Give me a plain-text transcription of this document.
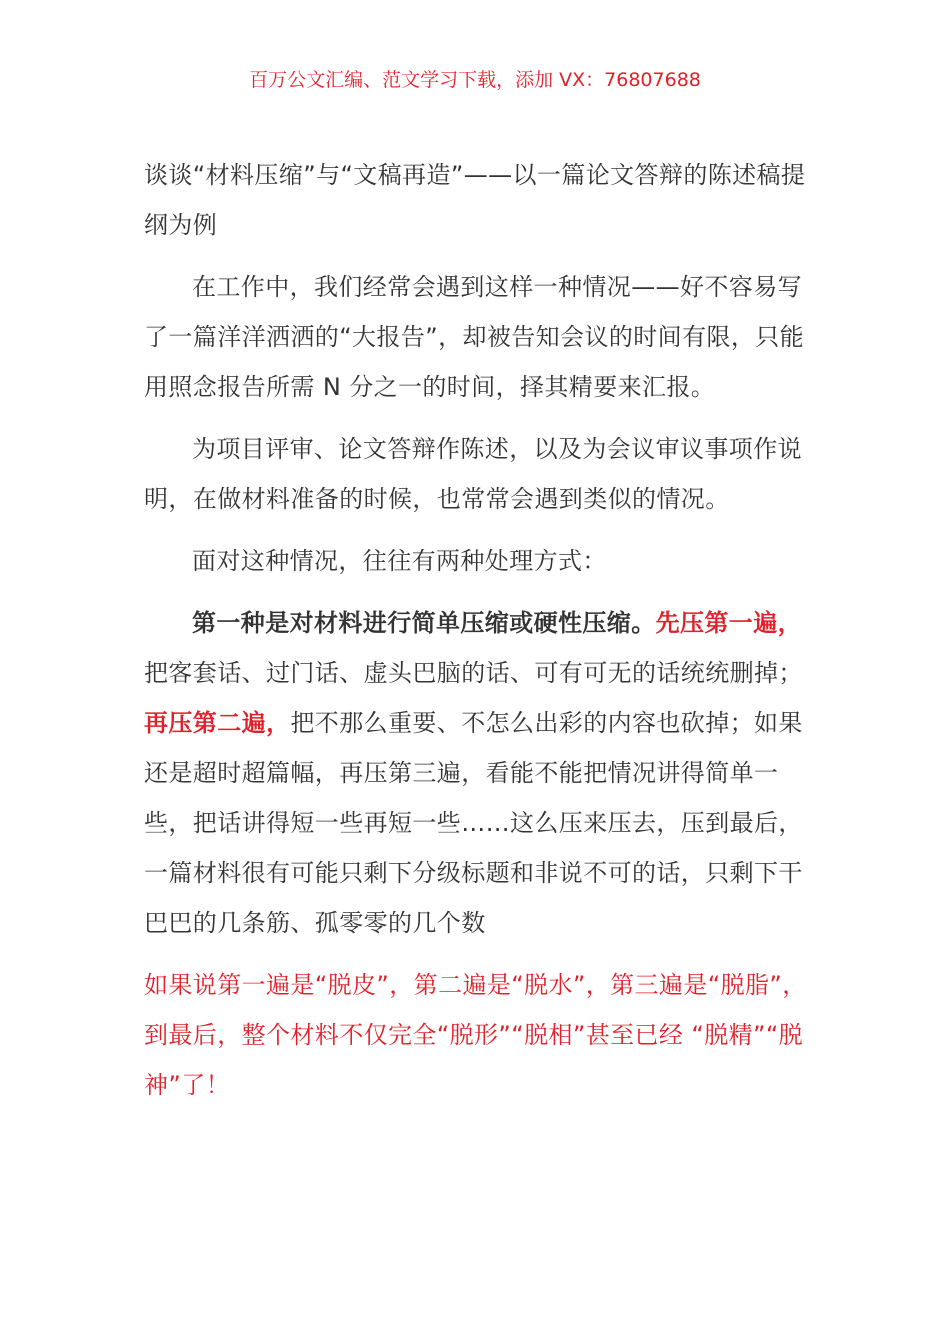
百万公文汇编、范文学习下载，添加 VX：76807688
谈谈“材料压缩”与“文稿再造”——以一篇论文答辩的陈述稿提纲为例

在工作中，我们经常会遇到这样一种情况——好不容易写了一篇洋洋洒洒的“大报告”，却被告知会议的时间有限，只能用照念报告所需 N 分之一的时间，择其精要来汇报。

为项目评审、论文答辩作陈述，以及为会议审议事项作说明，在做材料准备的时候，也常常会遇到类似的情况。

面对这种情况，往往有两种处理方式：

第一种是对材料进行简单压缩或硬性压缩。先压第一遍，把客套话、过门话、虚头巴脑的话、可有可无的话统统删掉；再压第二遍，把不那么重要、不怎么出彩的内容也砍掉；如果还是超时超篇幅，再压第三遍，看能不能把情况讲得简单一些，把话讲得短一些再短一些……这么压来压去，压到最后，一篇材料很有可能只剩下分级标题和非说不可的话，只剩下干巴巴的几条筋、孤零零的几个数

如果说第一遍是“脱皮”，第二遍是“脱水”，第三遍是“脱脂”，到最后，整个材料不仅完全“脱形”“脱相”甚至已经 “脱精”“脱神”了！
